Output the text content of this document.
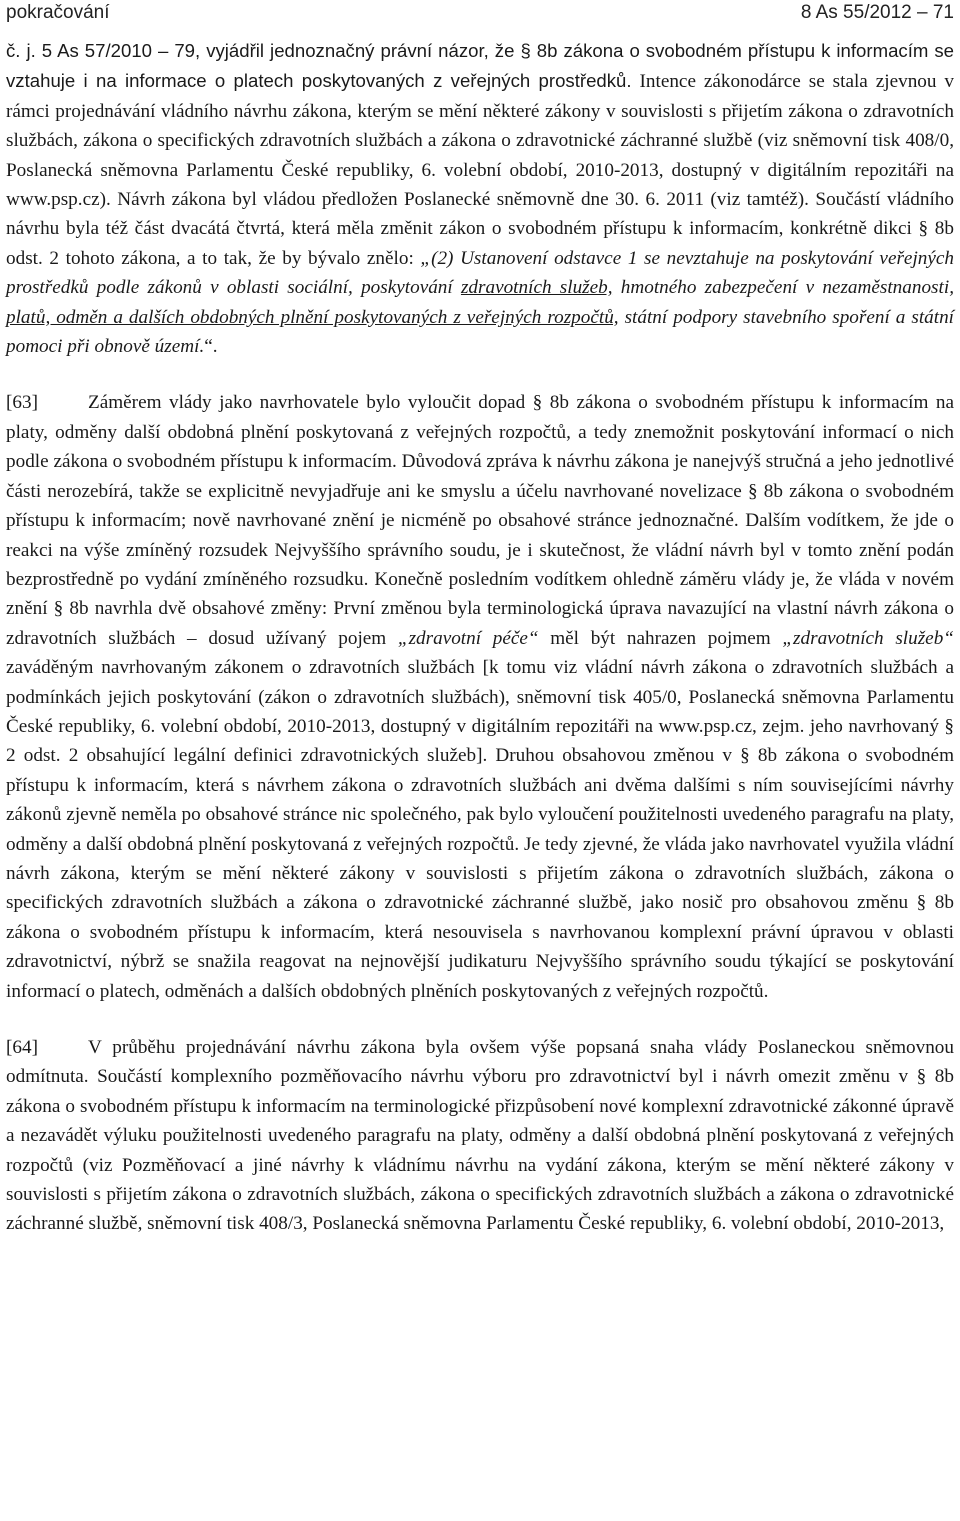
pokračování	8 As 55/2012 – 71

č. j. 5 As 57/2010 – 79, vyjádřil jednoznačný právní názor, že § 8b zákona o svobodném přístupu k informacím se vztahuje i na informace o platech poskytovaných z veřejných prostředků. Intence zákonodárce se stala zjevnou v rámci projednávání vládního návrhu zákona, kterým se mění některé zákony v souvislosti s přijetím zákona o zdravotních službách, zákona o specifických zdravotních službách a zákona o zdravotnické záchranné službě (viz sněmovní tisk 408/0, Poslanecká sněmovna Parlamentu České republiky, 6. volební období, 2010-2013, dostupný v digitálním repozitáři na www.psp.cz). Návrh zákona byl vládou předložen Poslanecké sněmovně dne 30. 6. 2011 (viz tamtéž). Součástí vládního návrhu byla též část dvacátá čtvrtá, která měla změnit zákon o svobodném přístupu k informacím, konkrétně dikci § 8b odst. 2 tohoto zákona, a to tak, že by bývalo znělo: „(2) Ustanovení odstavce 1 se nevztahuje na poskytování veřejných prostředků podle zákonů v oblasti sociální, poskytování zdravotních služeb, hmotného zabezpečení v nezaměstnanosti, platů, odměn a dalších obdobných plnění poskytovaných z veřejných rozpočtů, státní podpory stavebního spoření a státní pomoci při obnově území.“.

[63]	Záměrem vlády jako navrhovatele bylo vyloučit dopad § 8b zákona o svobodném přístupu k informacím na platy, odměny další obdobná plnění poskytovaná z veřejných rozpočtů, a tedy znemožnit poskytování informací o nich podle zákona o svobodném přístupu k informacím. Důvodová zpráva k návrhu zákona je nanejvýš stručná a jeho jednotlivé části nerozebírá, takže se explicitně nevyjadřuje ani ke smyslu a účelu navrhované novelizace § 8b zákona o svobodném přístupu k informacím; nově navrhované znění je nicméně po obsahové stránce jednoznačné. Dalším vodítkem, že jde o reakci na výše zmíněný rozsudek Nejvyššího správního soudu, je i skutečnost, že vládní návrh byl v tomto znění podán bezprostředně po vydání zmíněného rozsudku. Konečně posledním vodítkem ohledně záměru vlády je, že vláda v novém znění § 8b navrhla dvě obsahové změny: První změnou byla terminologická úprava navazující na vlastní návrh zákona o zdravotních službách – dosud užívaný pojem „zdravotní péče“ měl být nahrazen pojmem „zdravotních služeb“ zaváděným navrhovaným zákonem o zdravotních službách [k tomu viz vládní návrh zákona o zdravotních službách a podmínkách jejich poskytování (zákon o zdravotních službách), sněmovní tisk 405/0, Poslanecká sněmovna Parlamentu České republiky, 6. volební období, 2010-2013, dostupný v digitálním repozitáři na www.psp.cz, zejm. jeho navrhovaný § 2 odst. 2 obsahující legální definici zdravotnických služeb]. Druhou obsahovou změnou v § 8b zákona o svobodném přístupu k informacím, která s návrhem zákona o zdravotních službách ani dvěma dalšími s ním souvisejícími návrhy zákonů zjevně neměla po obsahové stránce nic společného, pak bylo vyloučení použitelnosti uvedeného paragrafu na platy, odměny a další obdobná plnění poskytovaná z veřejných rozpočtů. Je tedy zjevné, že vláda jako navrhovatel využila vládní návrh zákona, kterým se mění některé zákony v souvislosti s přijetím zákona o zdravotních službách, zákona o specifických zdravotních službách a zákona o zdravotnické záchranné službě, jako nosič pro obsahovou změnu § 8b zákona o svobodném přístupu k informacím, která nesouvisela s navrhovanou komplexní právní úpravou v oblasti zdravotnictví, nýbrž se snažila reagovat na nejnovější judikaturu Nejvyššího správního soudu týkající se poskytování informací o platech, odměnách a dalších obdobných plněních poskytovaných z veřejných rozpočtů.

[64]	V průběhu projednávání návrhu zákona byla ovšem výše popsaná snaha vlády Poslaneckou sněmovnou odmítnuta. Součástí komplexního pozměňovacího návrhu výboru pro zdravotnictví byl i návrh omezit změnu v § 8b zákona o svobodném přístupu k informacím na terminologické přizpůsobení nové komplexní zdravotnické zákonné úpravě a nezavádět výluku použitelnosti uvedeného paragrafu na platy, odměny a další obdobná plnění poskytovaná z veřejných rozpočtů (viz Pozměňovací a jiné návrhy k vládnímu návrhu na vydání zákona, kterým se mění některé zákony v souvislosti s přijetím zákona o zdravotních službách, zákona o specifických zdravotních službách a zákona o zdravotnické záchranné službě, sněmovní tisk 408/3, Poslanecká sněmovna Parlamentu České republiky, 6. volební období, 2010-2013,
